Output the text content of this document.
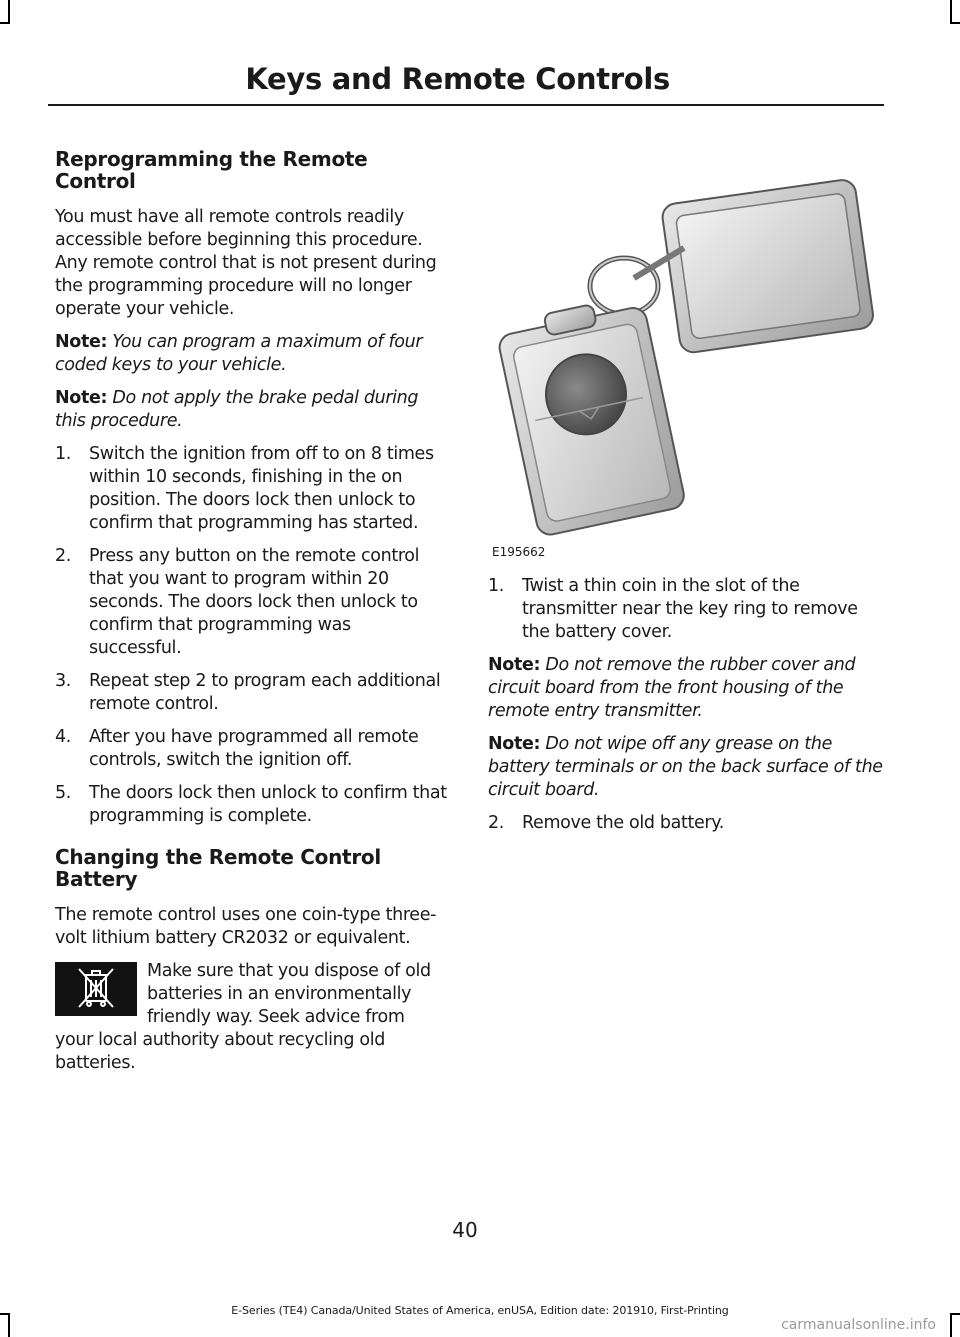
Keys and Remote Controls
Reprogramming the Remote Control

You must have all remote controls readily accessible before beginning this procedure. Any remote control that is not present during the programming procedure will no longer operate your vehicle.

Note: You can program a maximum of four coded keys to your vehicle.

Note: Do not apply the brake pedal during this procedure.

1. Switch the ignition from off to on 8 times within 10 seconds, finishing in the on position. The doors lock then unlock to confirm that programming has started.
2. Press any button on the remote control that you want to program within 20 seconds. The doors lock then unlock to confirm that programming was successful.
3. Repeat step 2 to program each additional remote control.
4. After you have programmed all remote controls, switch the ignition off.
5. The doors lock then unlock to confirm that programming is complete.
Changing the Remote Control Battery

The remote control uses one coin-type three-volt lithium battery CR2032 or equivalent.

Make sure that you dispose of old batteries in an environmentally friendly way. Seek advice from your local authority about recycling old batteries.
E195662
1. Twist a thin coin in the slot of the transmitter near the key ring to remove the battery cover.

Note: Do not remove the rubber cover and circuit board from the front housing of the remote entry transmitter.

Note: Do not wipe off any grease on the battery terminals or on the back surface of the circuit board.

2. Remove the old battery.
40
E-Series (TE4) Canada/United States of America, enUSA, Edition date: 201910, First-Printing
carmanualsonline.info
